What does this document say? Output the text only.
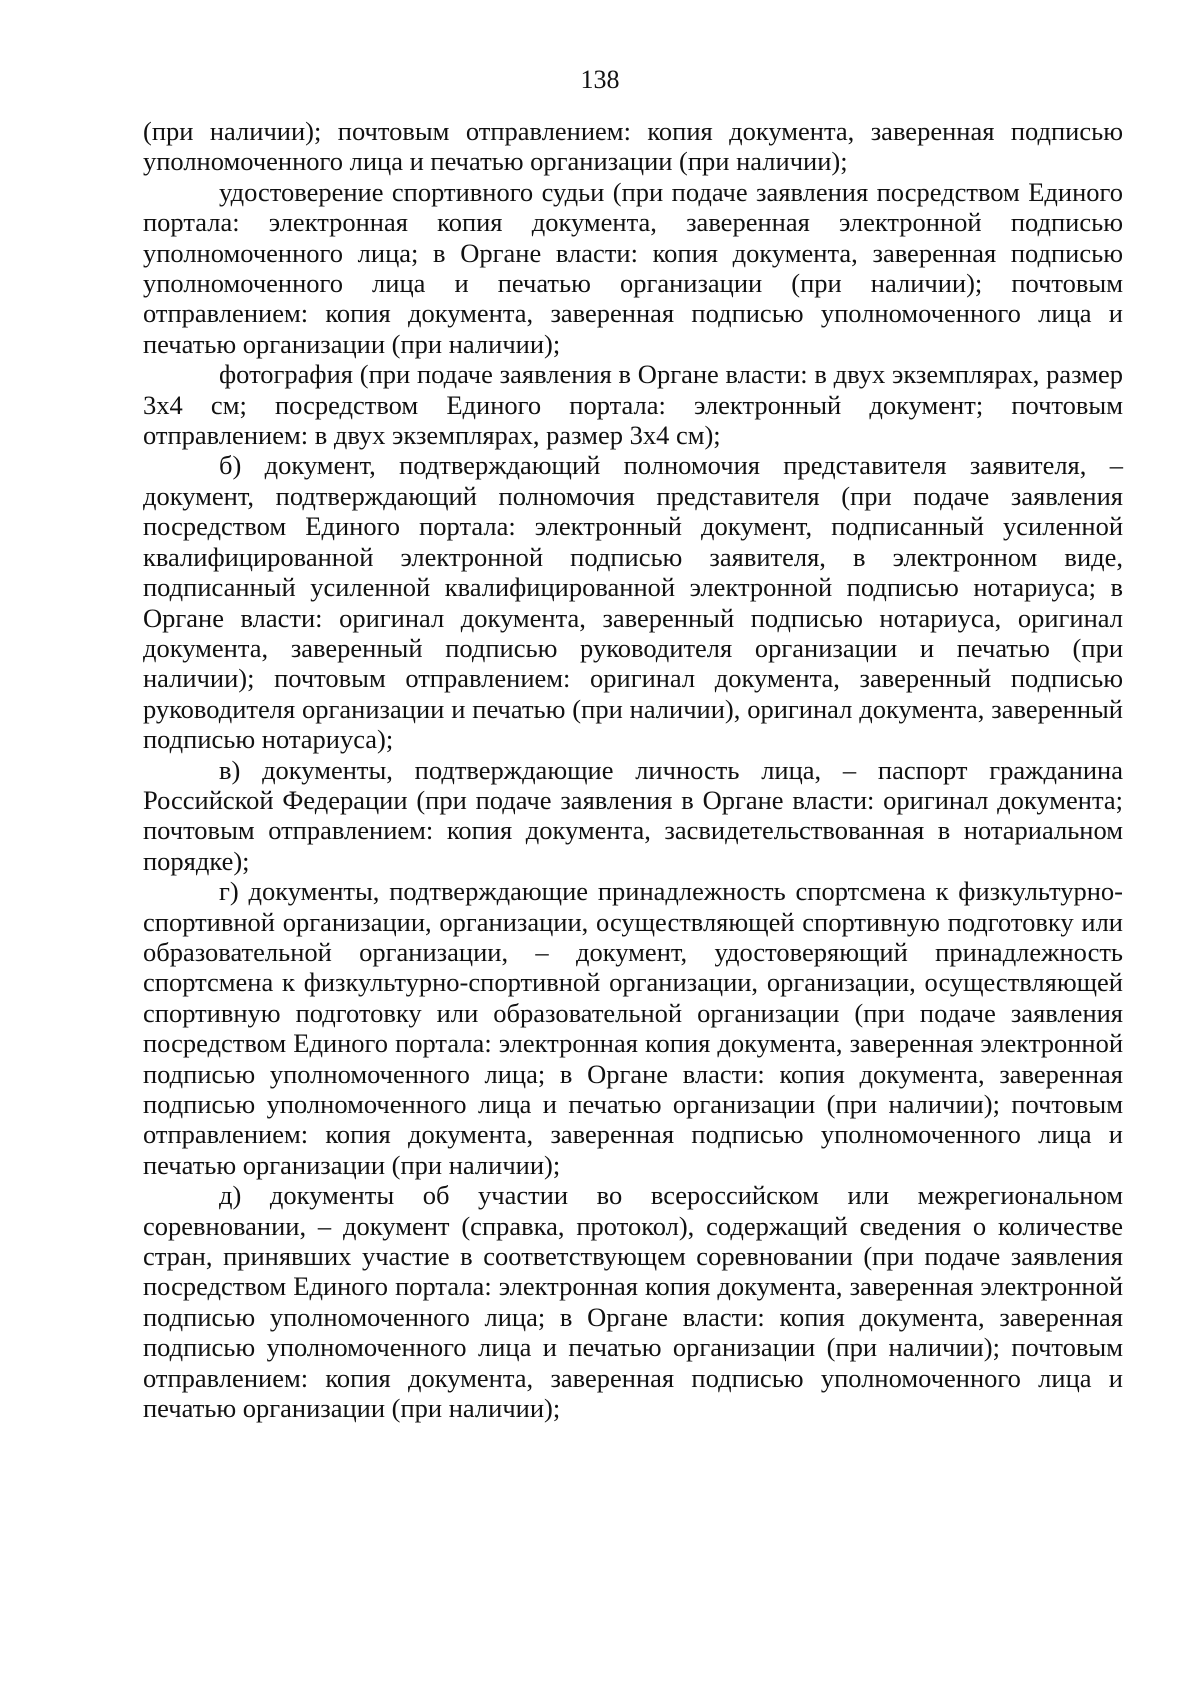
138

(при наличии); почтовым отправлением: копия документа, заверенная подписью уполномоченного лица и печатью организации (при наличии);

удостоверение спортивного судьи (при подаче заявления посредством Единого портала: электронная копия документа, заверенная электронной подписью уполномоченного лица; в Органе власти: копия документа, заверенная подписью уполномоченного лица и печатью организации (при наличии); почтовым отправлением: копия документа, заверенная подписью уполномоченного лица и печатью организации (при наличии);

фотография (при подаче заявления в Органе власти: в двух экземплярах, размер 3x4 см; посредством Единого портала: электронный документ; почтовым отправлением: в двух экземплярах, размер 3x4 см);

б) документ, подтверждающий полномочия представителя заявителя, – документ, подтверждающий полномочия представителя (при подаче заявления посредством Единого портала: электронный документ, подписанный усиленной квалифицированной электронной подписью заявителя, в электронном виде, подписанный усиленной квалифицированной электронной подписью нотариуса; в Органе власти: оригинал документа, заверенный подписью нотариуса, оригинал документа, заверенный подписью руководителя организации и печатью (при наличии); почтовым отправлением: оригинал документа, заверенный подписью руководителя организации и печатью (при наличии), оригинал документа, заверенный подписью нотариуса);

в) документы, подтверждающие личность лица, – паспорт гражданина Российской Федерации (при подаче заявления в Органе власти: оригинал документа; почтовым отправлением: копия документа, засвидетельствованная в нотариальном порядке);

г) документы, подтверждающие принадлежность спортсмена к физкультурно-спортивной организации, организации, осуществляющей спортивную подготовку или образовательной организации, – документ, удостоверяющий принадлежность спортсмена к физкультурно-спортивной организации, организации, осуществляющей спортивную подготовку или образовательной организации (при подаче заявления посредством Единого портала: электронная копия документа, заверенная электронной подписью уполномоченного лица; в Органе власти: копия документа, заверенная подписью уполномоченного лица и печатью организации (при наличии); почтовым отправлением: копия документа, заверенная подписью уполномоченного лица и печатью организации (при наличии);

д) документы об участии во всероссийском или межрегиональном соревновании, – документ (справка, протокол), содержащий сведения о количестве стран, принявших участие в соответствующем соревновании (при подаче заявления посредством Единого портала: электронная копия документа, заверенная электронной подписью уполномоченного лица; в Органе власти: копия документа, заверенная подписью уполномоченного лица и печатью организации (при наличии); почтовым отправлением: копия документа, заверенная подписью уполномоченного лица и печатью организации (при наличии);
